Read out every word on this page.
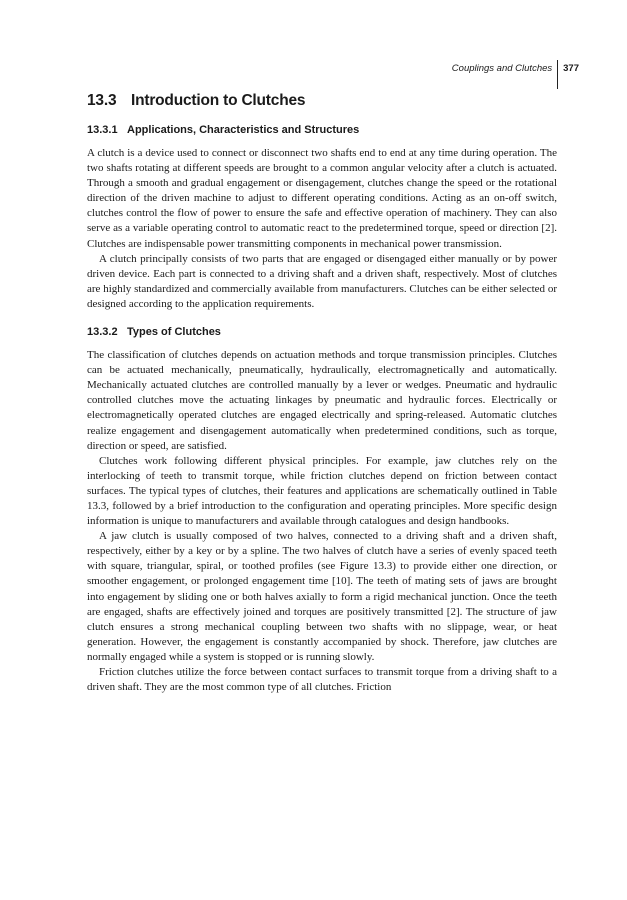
Couplings and Clutches	377
13.3 Introduction to Clutches
13.3.1 Applications, Characteristics and Structures

A clutch is a device used to connect or disconnect two shafts end to end at any time during operation. The two shafts rotating at different speeds are brought to a common angular velocity after a clutch is actuated. Through a smooth and gradual engagement or disengagement, clutches change the speed or the rotational direction of the driven machine to adjust to different operating conditions. Acting as an on-off switch, clutches control the flow of power to ensure the safe and effective operation of machinery. They can also serve as a variable operating control to automatic react to the predetermined torque, speed or direction [2]. Clutches are indispensable power transmitting components in mechanical power transmission.

A clutch principally consists of two parts that are engaged or disengaged either manually or by power driven device. Each part is connected to a driving shaft and a driven shaft, respectively. Most of clutches are highly standardized and commercially available from manufacturers. Clutches can be either selected or designed according to the application requirements.

13.3.2 Types of Clutches

The classification of clutches depends on actuation methods and torque transmission principles. Clutches can be actuated mechanically, pneumatically, hydraulically, electromagnetically and automatically. Mechanically actuated clutches are controlled manually by a lever or wedges. Pneumatic and hydraulic controlled clutches move the actuating linkages by pneumatic and hydraulic forces. Electrically or electromagnetically operated clutches are engaged electrically and spring-released. Automatic clutches realize engagement and disengagement automatically when predetermined conditions, such as torque, direction or speed, are satisfied.

Clutches work following different physical principles. For example, jaw clutches rely on the interlocking of teeth to transmit torque, while friction clutches depend on friction between contact surfaces. The typical types of clutches, their features and applications are schematically outlined in Table 13.3, followed by a brief introduction to the configuration and operating principles. More specific design information is unique to manufacturers and available through catalogues and design handbooks.

A jaw clutch is usually composed of two halves, connected to a driving shaft and a driven shaft, respectively, either by a key or by a spline. The two halves of clutch have a series of evenly spaced teeth with square, triangular, spiral, or toothed profiles (see Figure 13.3) to provide either one direction, or smoother engagement, or prolonged engagement time [10]. The teeth of mating sets of jaws are brought into engagement by sliding one or both halves axially to form a rigid mechanical junction. Once the teeth are engaged, shafts are effectively joined and torques are positively transmitted [2]. The structure of jaw clutch ensures a strong mechanical coupling between two shafts with no slippage, wear, or heat generation. However, the engagement is constantly accompanied by shock. Therefore, jaw clutches are normally engaged while a system is stopped or is running slowly.

Friction clutches utilize the force between contact surfaces to transmit torque from a driving shaft to a driven shaft. They are the most common type of all clutches. Friction
